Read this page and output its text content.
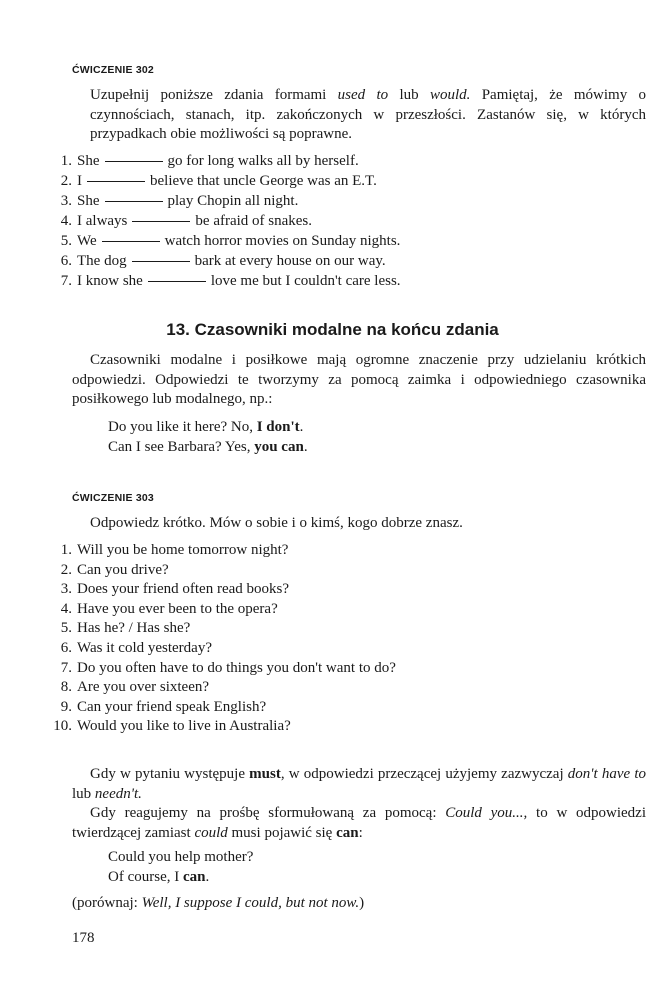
ĆWICZENIE 302
Uzupełnij poniższe zdania formami used to lub would. Pamiętaj, że mówimy o czynnościach, stanach, itp. zakończonych w przeszłości. Zastanów się, w których przypadkach obie możliwości są poprawne.
1. She	go for long walks all by herself.
2. I	believe that uncle George was an E.T.
3. She	play Chopin all night.
4. I always	be afraid of snakes.
5. We	watch horror movies on Sunday nights.
6. The dog	bark at every house on our way.
7. I know she	love me but I couldn't care less.
13. Czasowniki modalne na końcu zdania
Czasowniki modalne i posiłkowe mają ogromne znaczenie przy udzielaniu krótkich odpowiedzi. Odpowiedzi te tworzymy za pomocą zaimka i odpowiedniego czasownika posiłkowego lub modalnego, np.:
Do you like it here? No, I don't.
Can I see Barbara? Yes, you can.
ĆWICZENIE 303
Odpowiedz krótko. Mów o sobie i o kimś, kogo dobrze znasz.
1. Will you be home tomorrow night?
2. Can you drive?
3. Does your friend often read books?
4. Have you ever been to the opera?
5. Has he? / Has she?
6. Was it cold yesterday?
7. Do you often have to do things you don't want to do?
8. Are you over sixteen?
9. Can your friend speak English?
10. Would you like to live in Australia?
Gdy w pytaniu występuje must, w odpowiedzi przeczącej użyjemy zazwyczaj don't have to lub needn't.
Gdy reagujemy na prośbę sformułowaną za pomocą: Could you..., to w odpowiedzi twierdzącej zamiast could musi pojawić się can:
Could you help mother?
Of course, I can.
(porównaj: Well, I suppose I could, but not now.)
178
